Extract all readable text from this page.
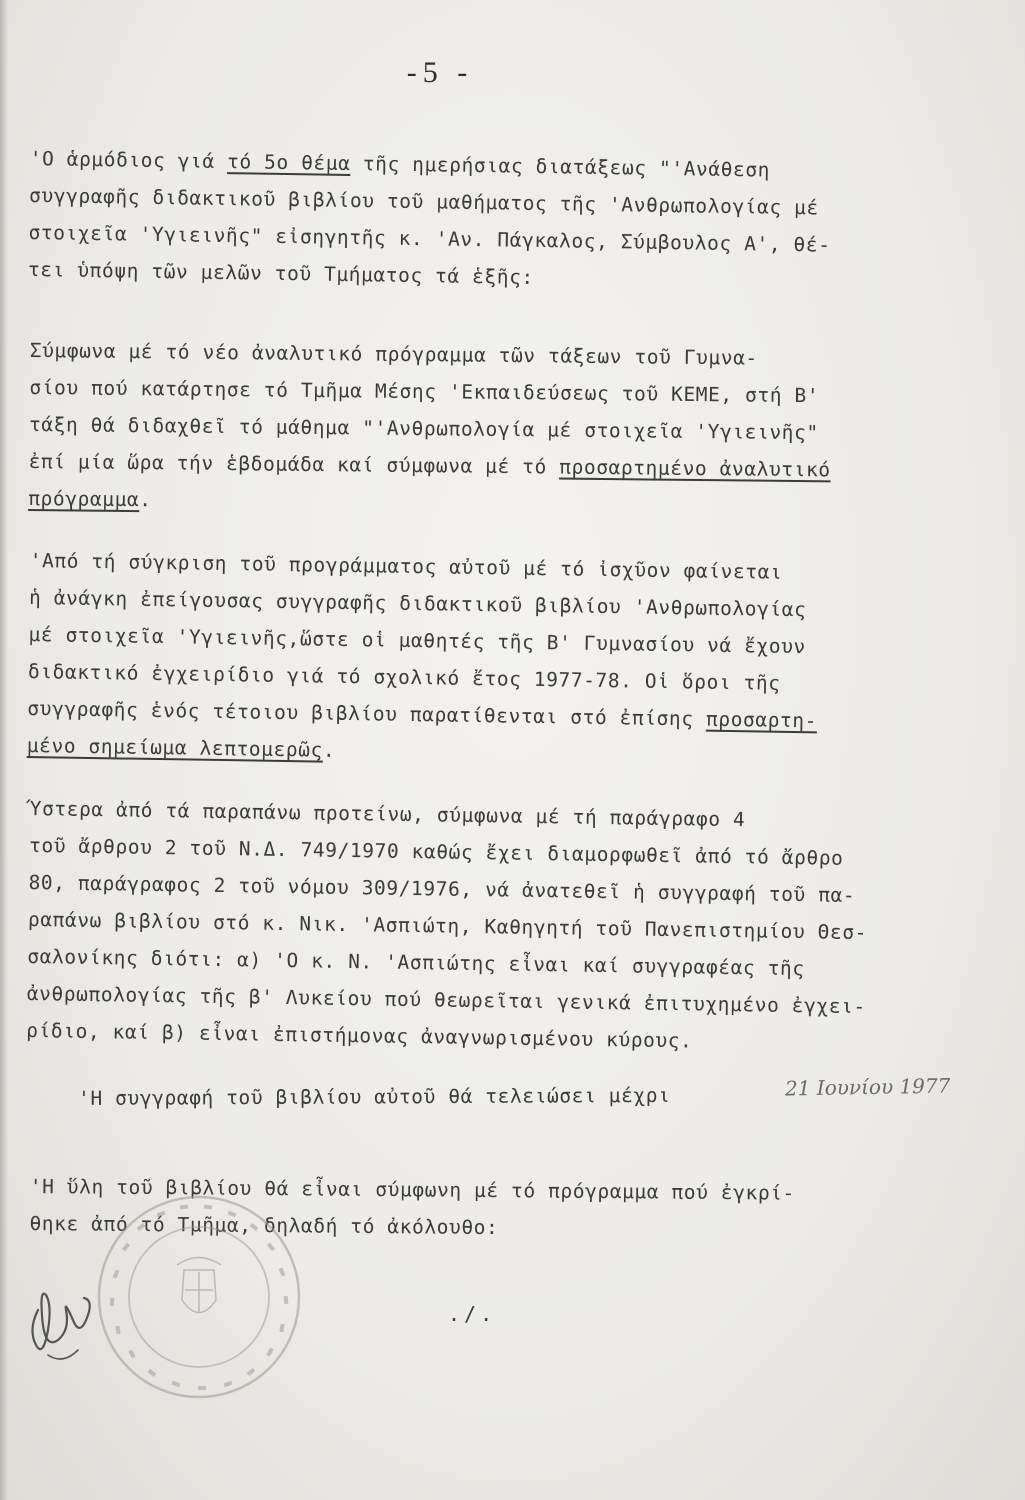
-5 -
'Ο ἁρμόδιος γιά τό 5ο θέμα τῆς ημερήσιας διατάξεως "'Ανάθεση
συγγραφῆς διδακτικοῦ βιβλίου τοῦ μαθήματος τῆς 'Ανθρωπολογίας μέ
στοιχεῖα 'Υγιεινῆς" εἰσηγητῆς κ. 'Αν. Πάγκαλος, Σύμβουλος Α', θέ-
τει ὑπόψη τῶν μελῶν τοῦ Τμήματος τά ἑξῆς:
Σύμφωνα μέ τό νέο ἀναλυτικό πρόγραμμα τῶν τάξεων τοῦ Γυμνα-
σίου πού κατάρτησε τό Τμῆμα Μέσης 'Εκπαιδεύσεως τοῦ ΚΕΜΕ, στή Β'
τάξη θά διδαχθεῖ τό μάθημα "'Ανθρωπολογία μέ στοιχεῖα 'Υγιεινῆς"
ἐπί μία ὥρα τήν ἑβδομάδα καί σύμφωνα μέ τό προσαρτημένο ἀναλυτικό
πρόγραμμα.
'Από τή σύγκριση τοῦ προγράμματος αὐτοῦ μέ τό ἰσχῦον φαίνεται
ἡ ἀνάγκη ἐπείγουσας συγγραφῆς διδακτικοῦ βιβλίου 'Ανθρωπολογίας
μέ στοιχεῖα 'Υγιεινῆς,ὥστε οἱ μαθητές τῆς Β' Γυμνασίου νά ἔχουν
διδακτικό ἐγχειρίδιο γιά τό σχολικό ἔτος 1977-78. Οἱ ὅροι τῆς
συγγραφῆς ἑνός τέτοιου βιβλίου παρατίθενται στό ἐπίσης προσαρτη-
μένο σημείωμα λεπτομερῶς.
Ύστερα ἀπό τά παραπάνω προτείνω, σύμφωνα μέ τή παράγραφο 4
τοῦ ἄρθρου 2 τοῦ Ν.Δ. 749/1970 καθώς ἔχει διαμορφωθεῖ ἀπό τό ἄρθρο
80, παράγραφος 2 τοῦ νόμου 309/1976, νά ἀνατεθεῖ ἡ συγγραφή τοῦ πα-
ραπάνω βιβλίου στό κ. Νικ. 'Ασπιώτη, Καθηγητή τοῦ Πανεπιστημίου Θεσ-
σαλονίκης διότι: α) 'Ο κ. Ν. 'Ασπιώτης εἶναι καί συγγραφέας τῆς
ἀνθρωπολογίας τῆς β' Λυκείου πού θεωρεῖται γενικά ἐπιτυχημένο ἐγχει-
ρίδιο, καί β) εἶναι ἐπιστήμονας ἀναγνωρισμένου κύρους.
'Η συγγραφή τοῦ βιβλίου αὐτοῦ θά τελειώσει μέχρι
'Η ὕλη τοῦ βιβλίου θά εἶναι σύμφωνη μέ τό πρόγραμμα πού ἐγκρί-
θηκε ἀπό τό Τμῆμα, δηλαδή τό ἀκόλουθο:
21 Ιουνίου 1977
./.
